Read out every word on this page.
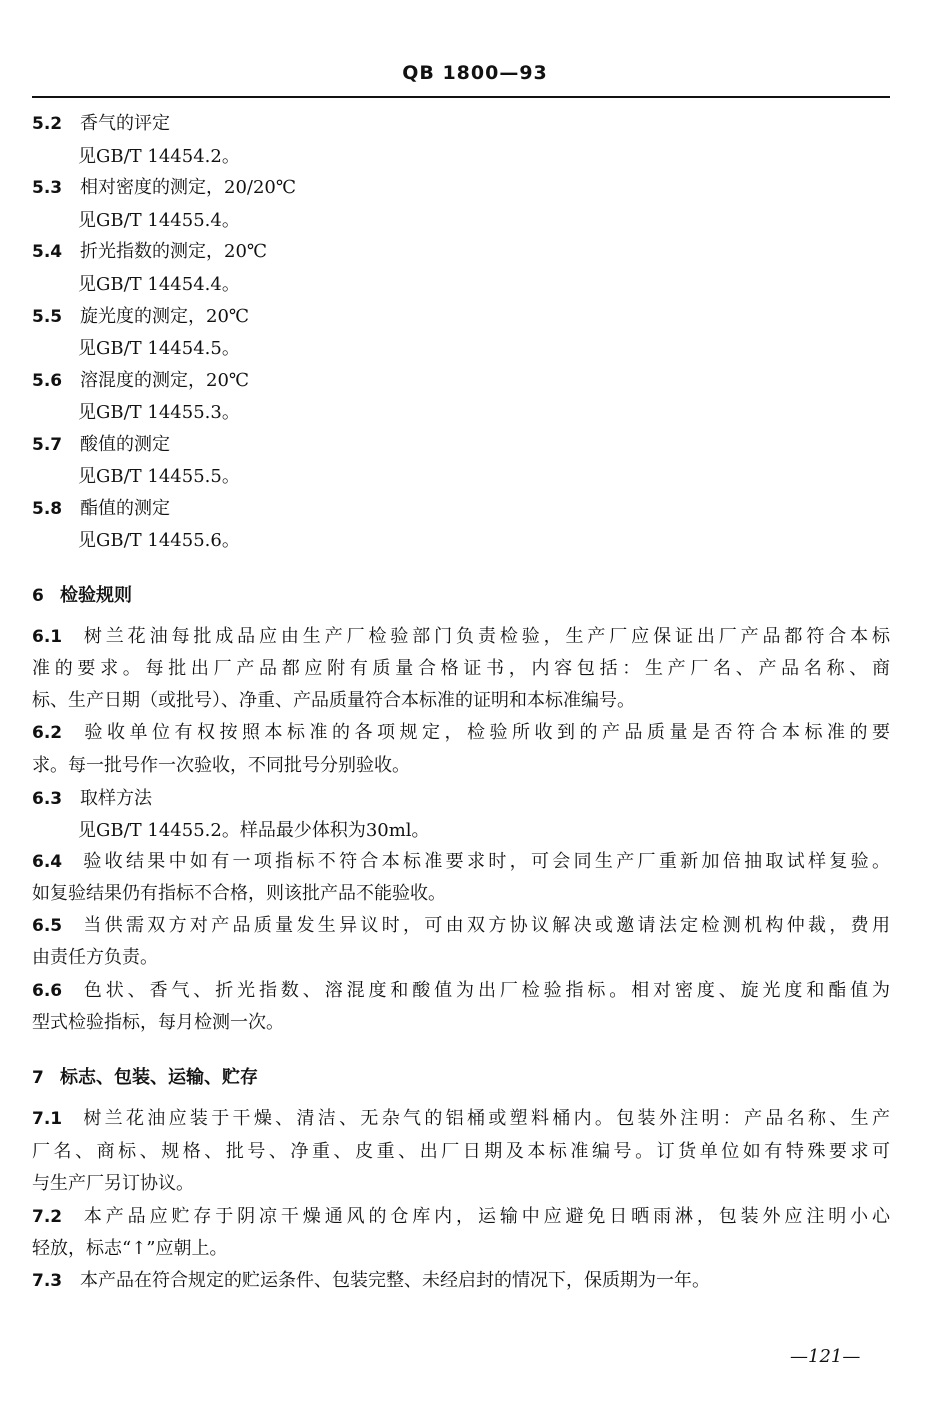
QB 1800—93
5.2 香气的评定
见GB/T 14454.2。
5.3 相对密度的测定，20/20℃
见GB/T 14455.4。
5.4 折光指数的测定，20℃
见GB/T 14454.4。
5.5 旋光度的测定，20℃
见GB/T 14454.5。
5.6 溶混度的测定，20℃
见GB/T 14455.3。
5.7 酸值的测定
见GB/T 14455.5。
5.8 酯值的测定
见GB/T 14455.6。
6 检验规则
6.1 树兰花油每批成品应由生产厂检验部门负责检验，生产厂应保证出厂产品都符合本标
准的要求。每批出厂产品都应附有质量合格证书，内容包括：生产厂名、产品名称、商
标、生产日期（或批号）、净重、产品质量符合本标准的证明和本标准编号。
6.2 验收单位有权按照本标准的各项规定，检验所收到的产品质量是否符合本标准的要
求。每一批号作一次验收，不同批号分别验收。
6.3 取样方法
见GB/T 14455.2。样品最少体积为30ml。
6.4 验收结果中如有一项指标不符合本标准要求时，可会同生产厂重新加倍抽取试样复验。
如复验结果仍有指标不合格，则该批产品不能验收。
6.5 当供需双方对产品质量发生异议时，可由双方协议解决或邀请法定检测机构仲裁，费用
由责任方负责。
6.6 色状、香气、折光指数、溶混度和酸值为出厂检验指标。相对密度、旋光度和酯值为
型式检验指标，每月检测一次。
7 标志、包装、运输、贮存
7.1 树兰花油应装于干燥、清洁、无杂气的铝桶或塑料桶内。包装外注明：产品名称、生产
厂名、商标、规格、批号、净重、皮重、出厂日期及本标准编号。订货单位如有特殊要求可
与生产厂另订协议。
7.2 本产品应贮存于阴凉干燥通风的仓库内，运输中应避免日晒雨淋，包装外应注明小心
轻放，标志“↑”应朝上。
7.3 本产品在符合规定的贮运条件、包装完整、未经启封的情况下，保质期为一年。
—121—
